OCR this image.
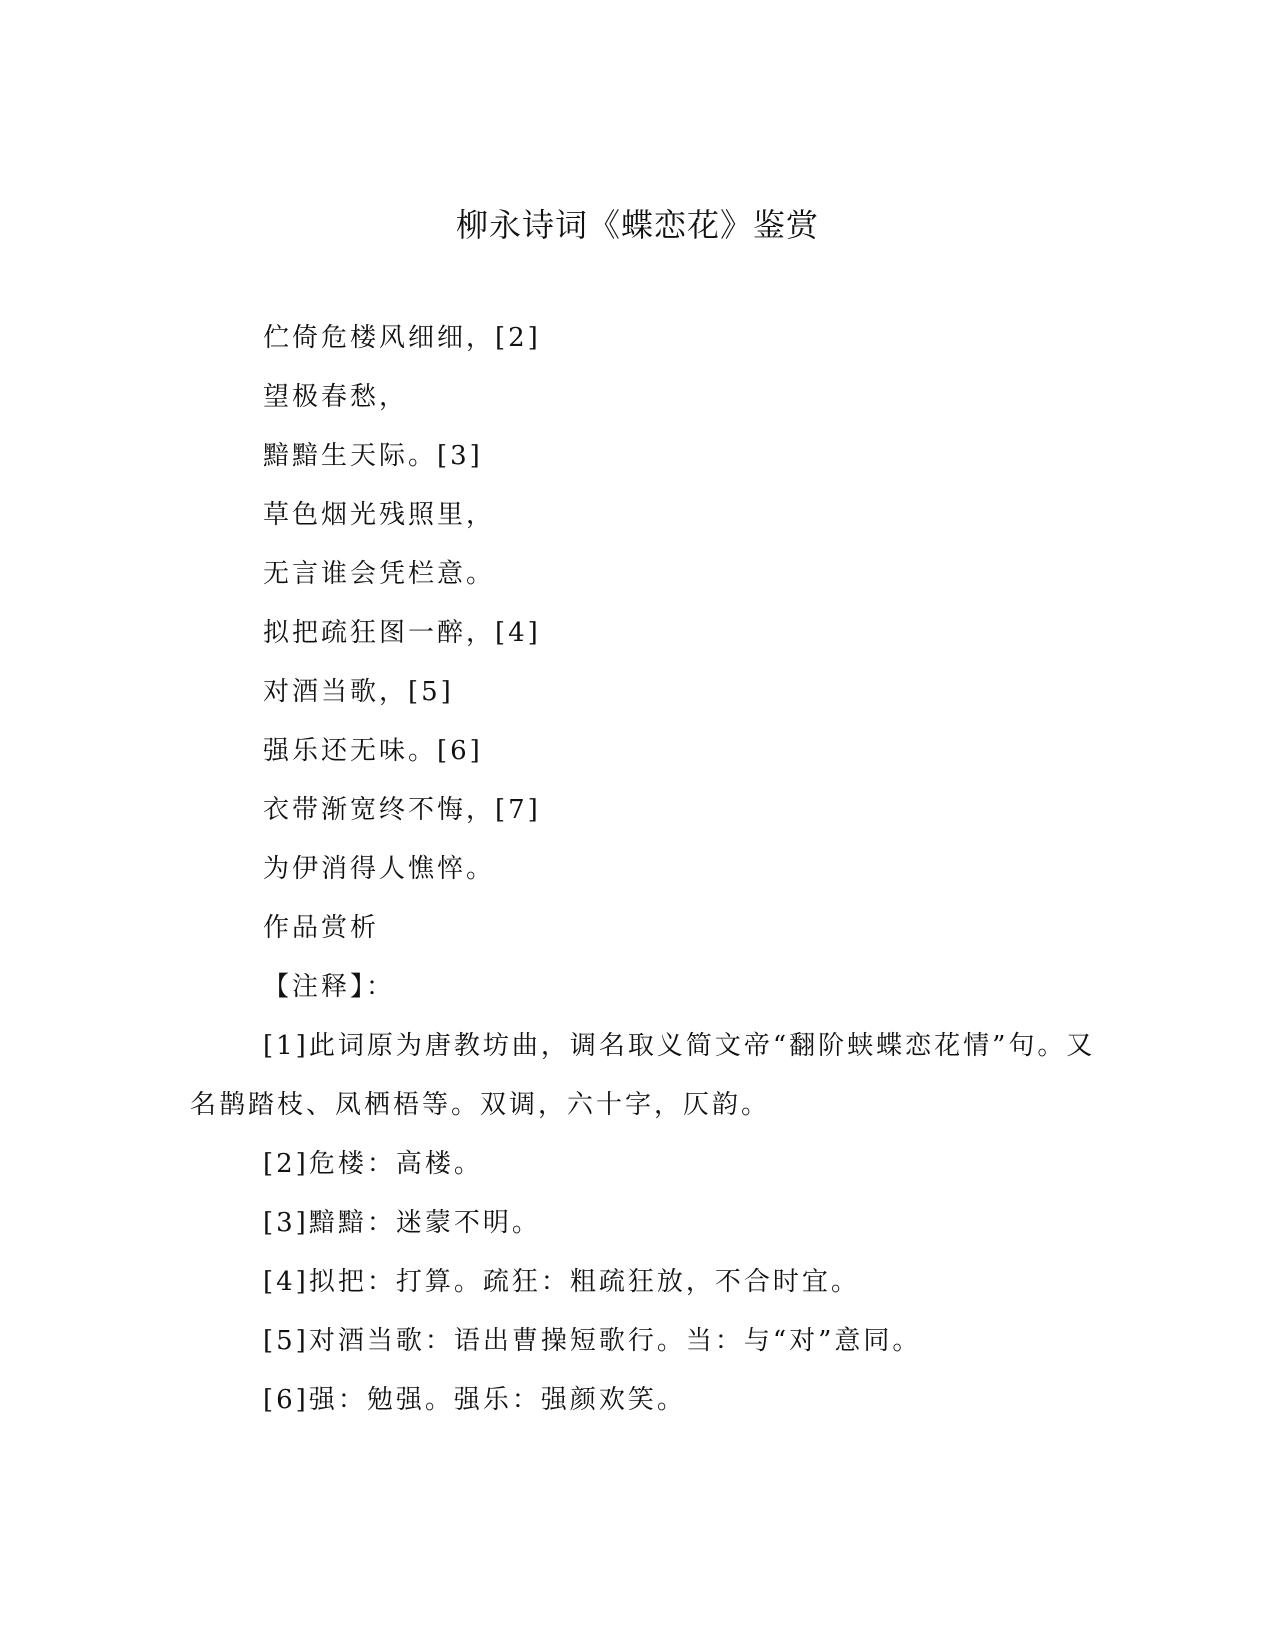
柳永诗词《蝶恋花》鉴赏
伫倚危楼风细细，[2]
望极春愁，
黯黯生天际。[3]
草色烟光残照里，
无言谁会凭栏意。
拟把疏狂图一醉，[4]
对酒当歌，[5]
强乐还无味。[6]
衣带渐宽终不悔，[7]
为伊消得人憔悴。
作品赏析
【注释】：
[1]此词原为唐教坊曲，调名取义简文帝“翻阶蛱蝶恋花情”句。又
名鹊踏枝、凤栖梧等。双调，六十字，仄韵。
[2]危楼：高楼。
[3]黯黯：迷蒙不明。
[4]拟把：打算。疏狂：粗疏狂放，不合时宜。
[5]对酒当歌：语出曹操短歌行。当：与“对”意同。
[6]强：勉强。强乐：强颜欢笑。
